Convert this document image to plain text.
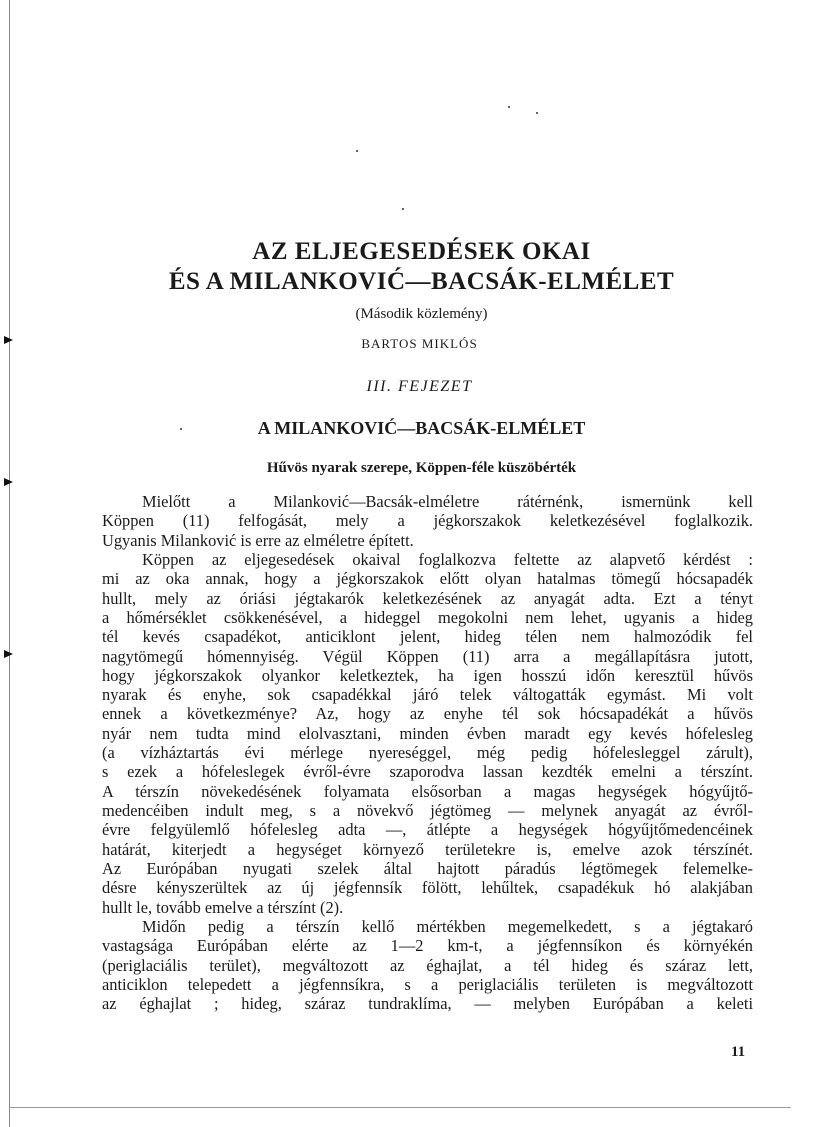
AZ ELJEGESEDÉSEK OKAI
ÉS A MILANKOVIĆ—BACSÁK-ELMÉLET
(Második közlemény)
BARTOS MIKLÓS
III. FEJEZET
A MILANKOVIĆ—BACSÁK-ELMÉLET
Hűvös nyarak szerepe, Köppen-féle küszöbérték
Mielőtt a Milanković—Bacsák-elméletre rátérnénk, ismernünk kell
Köppen (11) felfogását, mely a jégkorszakok keletkezésével foglalkozik.
Ugyanis Milanković is erre az elméletre épített.
Köppen az eljegesedések okaival foglalkozva feltette az alapvető kérdést :
mi az oka annak, hogy a jégkorszakok előtt olyan hatalmas tömegű hócsapadék
hullt, mely az óriási jégtakarók keletkezésének az anyagát adta. Ezt a tényt
a hőmérséklet csökkenésével, a hideggel megokolni nem lehet, ugyanis a hideg
tél kevés csapadékot, anticiklont jelent, hideg télen nem halmozódik fel
nagytömegű hómennyiség. Végül Köppen (11) arra a megállapításra jutott,
hogy jégkorszakok olyankor keletkeztek, ha igen hosszú időn keresztül hűvös
nyarak és enyhe, sok csapadékkal járó telek váltogatták egymást. Mi volt
ennek a következménye? Az, hogy az enyhe tél sok hócsapadékát a hűvös
nyár nem tudta mind elolvasztani, minden évben maradt egy kevés hófelesleg
(a vízháztartás évi mérlege nyereséggel, még pedig hófelesleggel zárult),
s ezek a hófeleslegek évről-évre szaporodva lassan kezdték emelni a térszínt.
A térszín növekedésének folyamata elsősorban a magas hegységek hógyűjtő-
medencéiben indult meg, s a növekvő jégtömeg — melynek anyagát az évről-
évre felgyülemlő hófelesleg adta —, átlépte a hegységek hógyűjtőmedencéinek
határát, kiterjedt a hegységet környező területekre is, emelve azok térszínét.
Az Európában nyugati szelek által hajtott páradús légtömegek felemelke-
désre kényszerültek az új jégfennsík fölött, lehűltek, csapadékuk hó alakjában
hullt le, tovább emelve a térszínt (2).
Midőn pedig a térszín kellő mértékben megemelkedett, s a jégtakaró
vastagsága Európában elérte az 1—2 km-t, a jégfennsíkon és környékén
(periglaciális terület), megváltozott az éghajlat, a tél hideg és száraz lett,
anticiklon telepedett a jégfennsíkra, s a periglaciális területen is megváltozott
az éghajlat ; hideg, száraz tundraklíma, — melyben Európában a keleti
11
